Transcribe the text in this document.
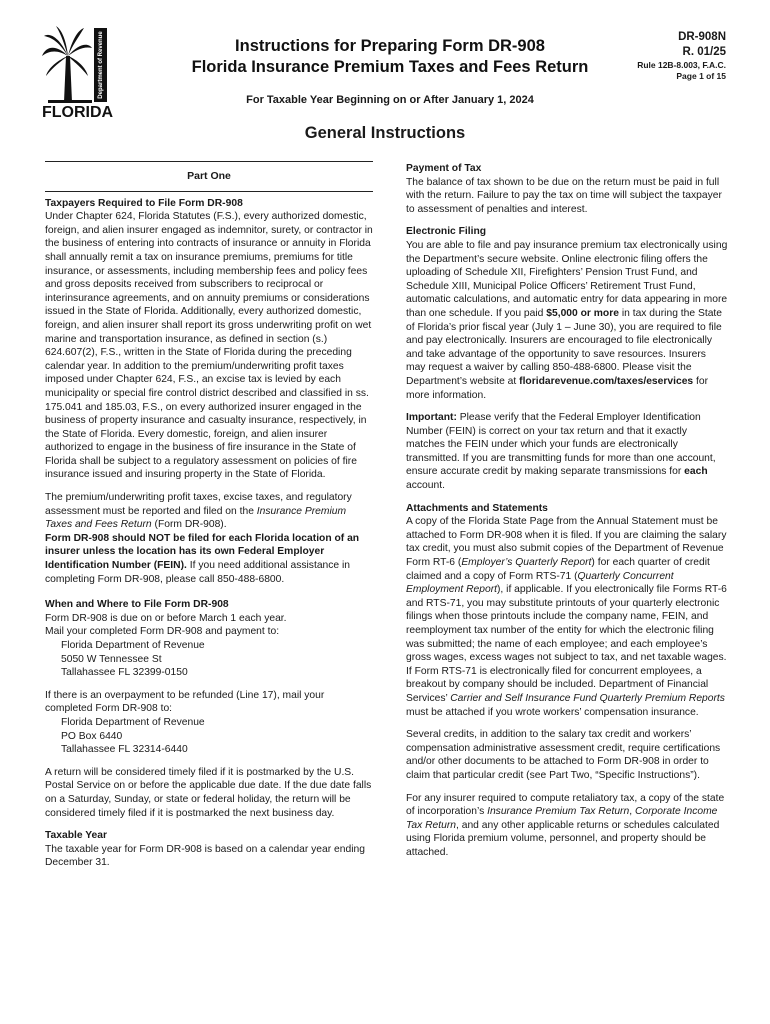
FLORIDA
Department of Revenue	Instructions for Preparing Form DR-908
Florida Insurance Premium Taxes and Fees Return
For Taxable Year Beginning on or After January 1, 2024
DR-908N
R. 01/25
Rule 12B-8.003, F.A.C.
Page 1 of 15
General Instructions
Part One

Taxpayers Required to File Form DR-908

Under Chapter 624, Florida Statutes (F.S.), every authorized domestic, foreign, and alien insurer engaged as indemnitor, surety, or contractor in the business of entering into contracts of insurance or annuity in Florida shall annually remit a tax on insurance premiums, premiums for title insurance, or assessments, including membership fees and policy fees and gross deposits received from subscribers to reciprocal or interinsurance agreements, and on annuity premiums or considerations issued in the State of Florida. Additionally, every authorized domestic, foreign, and alien insurer shall report its gross underwriting profit on wet marine and transportation insurance, as defined in section (s.) 624.607(2), F.S., written in the State of Florida during the preceding calendar year. In addition to the premium/underwriting profit taxes imposed under Chapter 624, F.S., an excise tax is levied by each municipality or special fire control district described and classified in ss. 175.041 and 185.03, F.S., on every authorized insurer engaged in the business of property insurance and casualty insurance, respectively, in the State of Florida. Every domestic, foreign, and alien insurer authorized to engage in the business of fire insurance in the State of Florida shall be subject to a regulatory assessment on policies of fire insurance issued and insuring property in the State of Florida.

The premium/underwriting profit taxes, excise taxes, and regulatory assessment must be reported and filed on the Insurance Premium Taxes and Fees Return (Form DR-908).

Form DR-908 should NOT be filed for each Florida location of an insurer unless the location has its own Federal Employer Identification Number (FEIN). If you need additional assistance in completing Form DR-908, please call 850-488-6800.

When and Where to File Form DR-908

Form DR-908 is due on or before March 1 each year.

Mail your completed Form DR-908 and payment to:

Florida Department of Revenue

5050 W Tennessee St

Tallahassee FL 32399-0150

If there is an overpayment to be refunded (Line 17), mail your completed Form DR-908 to:

Florida Department of Revenue

PO Box 6440

Tallahassee FL 32314-6440

A return will be considered timely filed if it is postmarked by the U.S. Postal Service on or before the applicable due date. If the due date falls on a Saturday, Sunday, or state or federal holiday, the return will be considered timely filed if it is postmarked the next business day.

Taxable Year

The taxable year for Form DR-908 is based on a calendar year ending December 31.

Payment of Tax

The balance of tax shown to be due on the return must be paid in full with the return. Failure to pay the tax on time will subject the taxpayer to assessment of penalties and interest.

Electronic Filing

You are able to file and pay insurance premium tax electronically using the Department’s secure website. Online electronic filing offers the uploading of Schedule XII, Firefighters’ Pension Trust Fund, and Schedule XIII, Municipal Police Officers’ Retirement Trust Fund, automatic calculations, and automatic entry for data appearing in more than one schedule. If you paid $5,000 or more in tax during the State of Florida’s prior fiscal year (July 1 – June 30), you are required to file and pay electronically. Insurers are encouraged to file electronically and take advantage of the opportunity to save resources. Insurers may request a waiver by calling 850-488-6800. Please visit the Department’s website at floridarevenue.com/taxes/eservices for more information.

Important: Please verify that the Federal Employer Identification Number (FEIN) is correct on your tax return and that it exactly matches the FEIN under which your funds are electronically transmitted. If you are transmitting funds for more than one account, ensure accurate credit by making separate transmissions for each account.

Attachments and Statements

A copy of the Florida State Page from the Annual Statement must be attached to Form DR-908 when it is filed. If you are claiming the salary tax credit, you must also submit copies of the Department of Revenue Form RT-6 (Employer’s Quarterly Report) for each quarter of credit claimed and a copy of Form RTS-71 (Quarterly Concurrent Employment Report), if applicable. If you electronically file Forms RT-6 and RTS-71, you may substitute printouts of your quarterly electronic filings when those printouts include the company name, FEIN, and reemployment tax number of the entity for which the electronic filing was submitted; the name of each employee; and each employee’s gross wages, excess wages not subject to tax, and net taxable wages. If Form RTS-71 is electronically filed for concurrent employees, a breakout by company should be included. Department of Financial Services’ Carrier and Self Insurance Fund Quarterly Premium Reports must be attached if you wrote workers’ compensation insurance.

Several credits, in addition to the salary tax credit and workers’ compensation administrative assessment credit, require certifications and/or other documents to be attached to Form DR-908 in order to claim that particular credit (see Part Two, “Specific Instructions”).

For any insurer required to compute retaliatory tax, a copy of the state of incorporation’s Insurance Premium Tax Return, Corporate Income Tax Return, and any other applicable returns or schedules calculated using Florida premium volume, personnel, and property should be attached.
